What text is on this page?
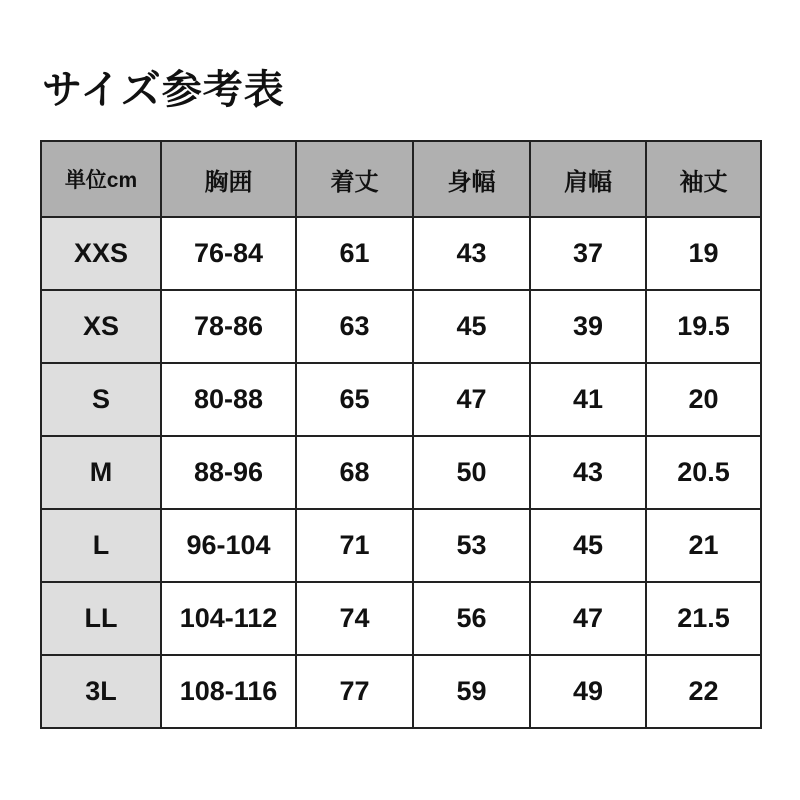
サイズ参考表
単位cm	胸囲	着丈	身幅	肩幅	袖丈
XXS	76-84	61	43	37	19
XS	78-86	63	45	39	19.5
S	80-88	65	47	41	20
M	88-96	68	50	43	20.5
L	96-104	71	53	45	21
LL	104-112	74	56	47	21.5
3L	108-116	77	59	49	22
